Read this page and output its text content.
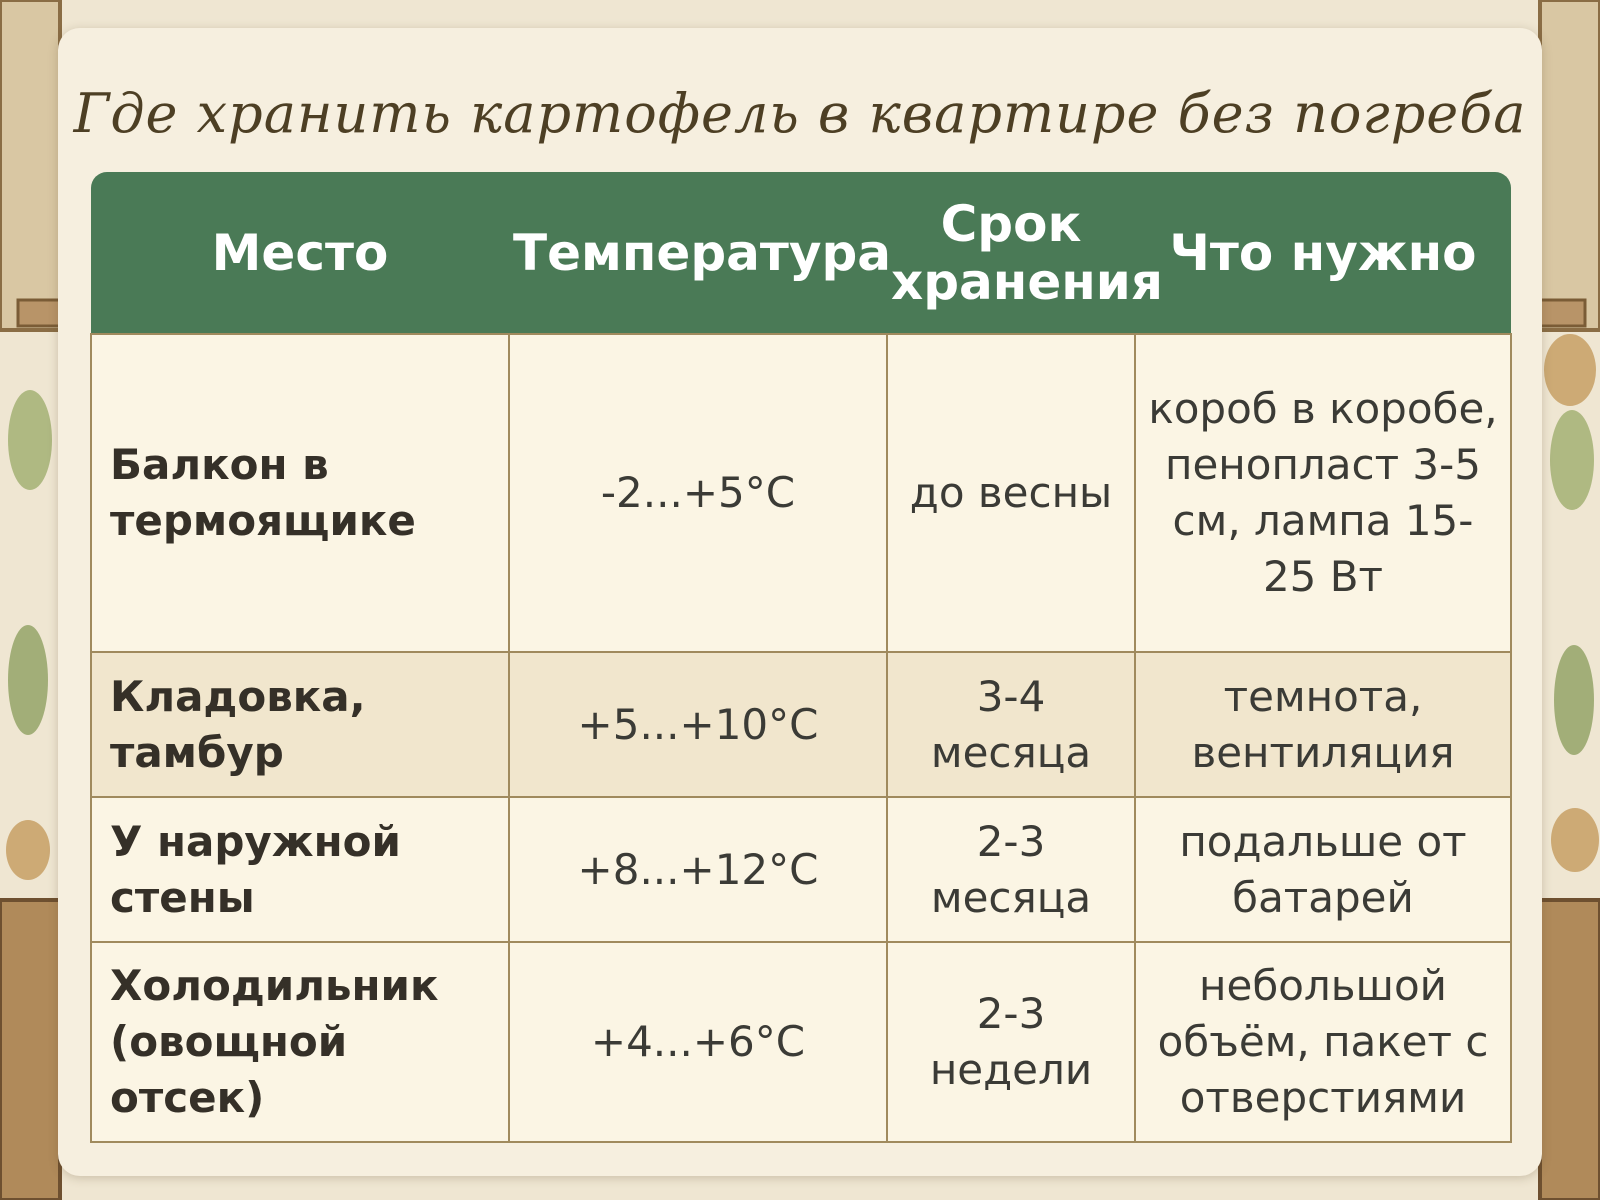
Где хранить картофель в квартире без погреба
Место	Температура	Срок хранения	Что нужно
Балкон в термоящике	-2...+5°C	до весны	короб в коробе, пенопласт 3-5 см, лампа 15-25 Вт
Кладовка, тамбур	+5...+10°C	3-4 месяца	темнота, вентиляция
У наружной стены	+8...+12°C	2-3 месяца	подальше от батарей
Холодильник (овощной отсек)	+4...+6°C	2-3 недели	небольшой объём, пакет с отверстиями
